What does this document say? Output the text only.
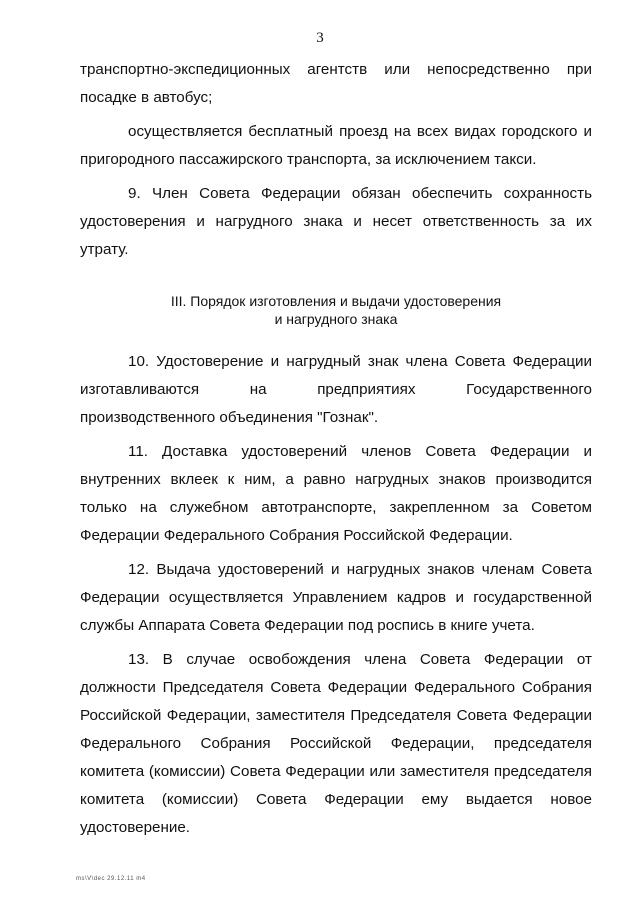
3

транспортно-экспедиционных агентств или непосредственно при посадке в автобус;

осуществляется бесплатный проезд на всех видах городского и пригородного пассажирского транспорта, за исключением такси.

9. Член Совета Федерации обязан обеспечить сохранность удостоверения и нагрудного знака и несет ответственность за их утрату.

III. Порядок изготовления и выдачи удостоверения
и нагрудного знака

10. Удостоверение и нагрудный знак члена Совета Федерации изготавливаются на предприятиях Государственного производственного объединения "Гознак".

11. Доставка удостоверений членов Совета Федерации и внутренних вклеек к ним, а равно нагрудных знаков производится только на служебном автотранспорте, закрепленном за Советом Федерации Федерального Собрания Российской Федерации.

12. Выдача удостоверений и нагрудных знаков членам Совета Федерации осуществляется Управлением кадров и государственной службы Аппарата Совета Федерации под роспись в книге учета.

13. В случае освобождения члена Совета Федерации от должности Председателя Совета Федерации Федерального Собрания Российской Федерации, заместителя Председателя Совета Федерации Федерального Собрания Российской Федерации, председателя комитета (комиссии) Совета Федерации или заместителя председателя комитета (комиссии) Совета Федерации ему выдается новое удостоверение.

ms\V\dec 29.12.11 m4
